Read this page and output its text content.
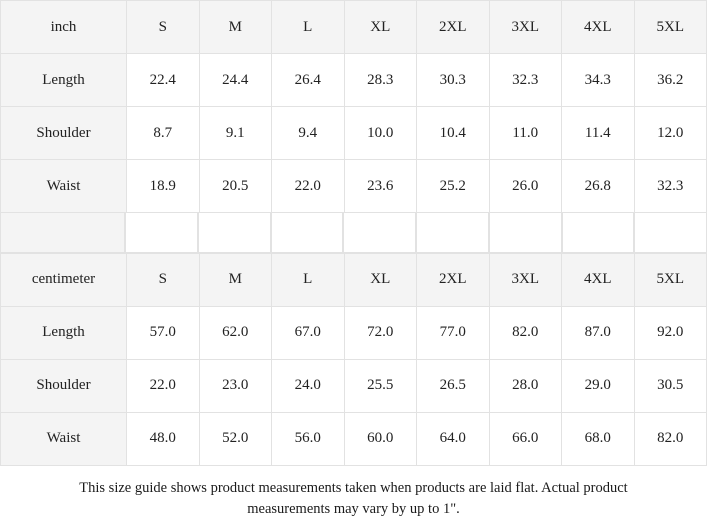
inch	S	M	L	XL	2XL	3XL	4XL	5XL
Length	22.4	24.4	26.4	28.3	30.3	32.3	34.3	36.2
Shoulder	8.7	9.1	9.4	10.0	10.4	11.0	11.4	12.0
Waist	18.9	20.5	22.0	23.6	25.2	26.0	26.8	32.3
centimeter	S	M	L	XL	2XL	3XL	4XL	5XL
Length	57.0	62.0	67.0	72.0	77.0	82.0	87.0	92.0
Shoulder	22.0	23.0	24.0	25.5	26.5	28.0	29.0	30.5
Waist	48.0	52.0	56.0	60.0	64.0	66.0	68.0	82.0
This size guide shows product measurements taken when products are laid flat. Actual product measurements may vary by up to 1".
